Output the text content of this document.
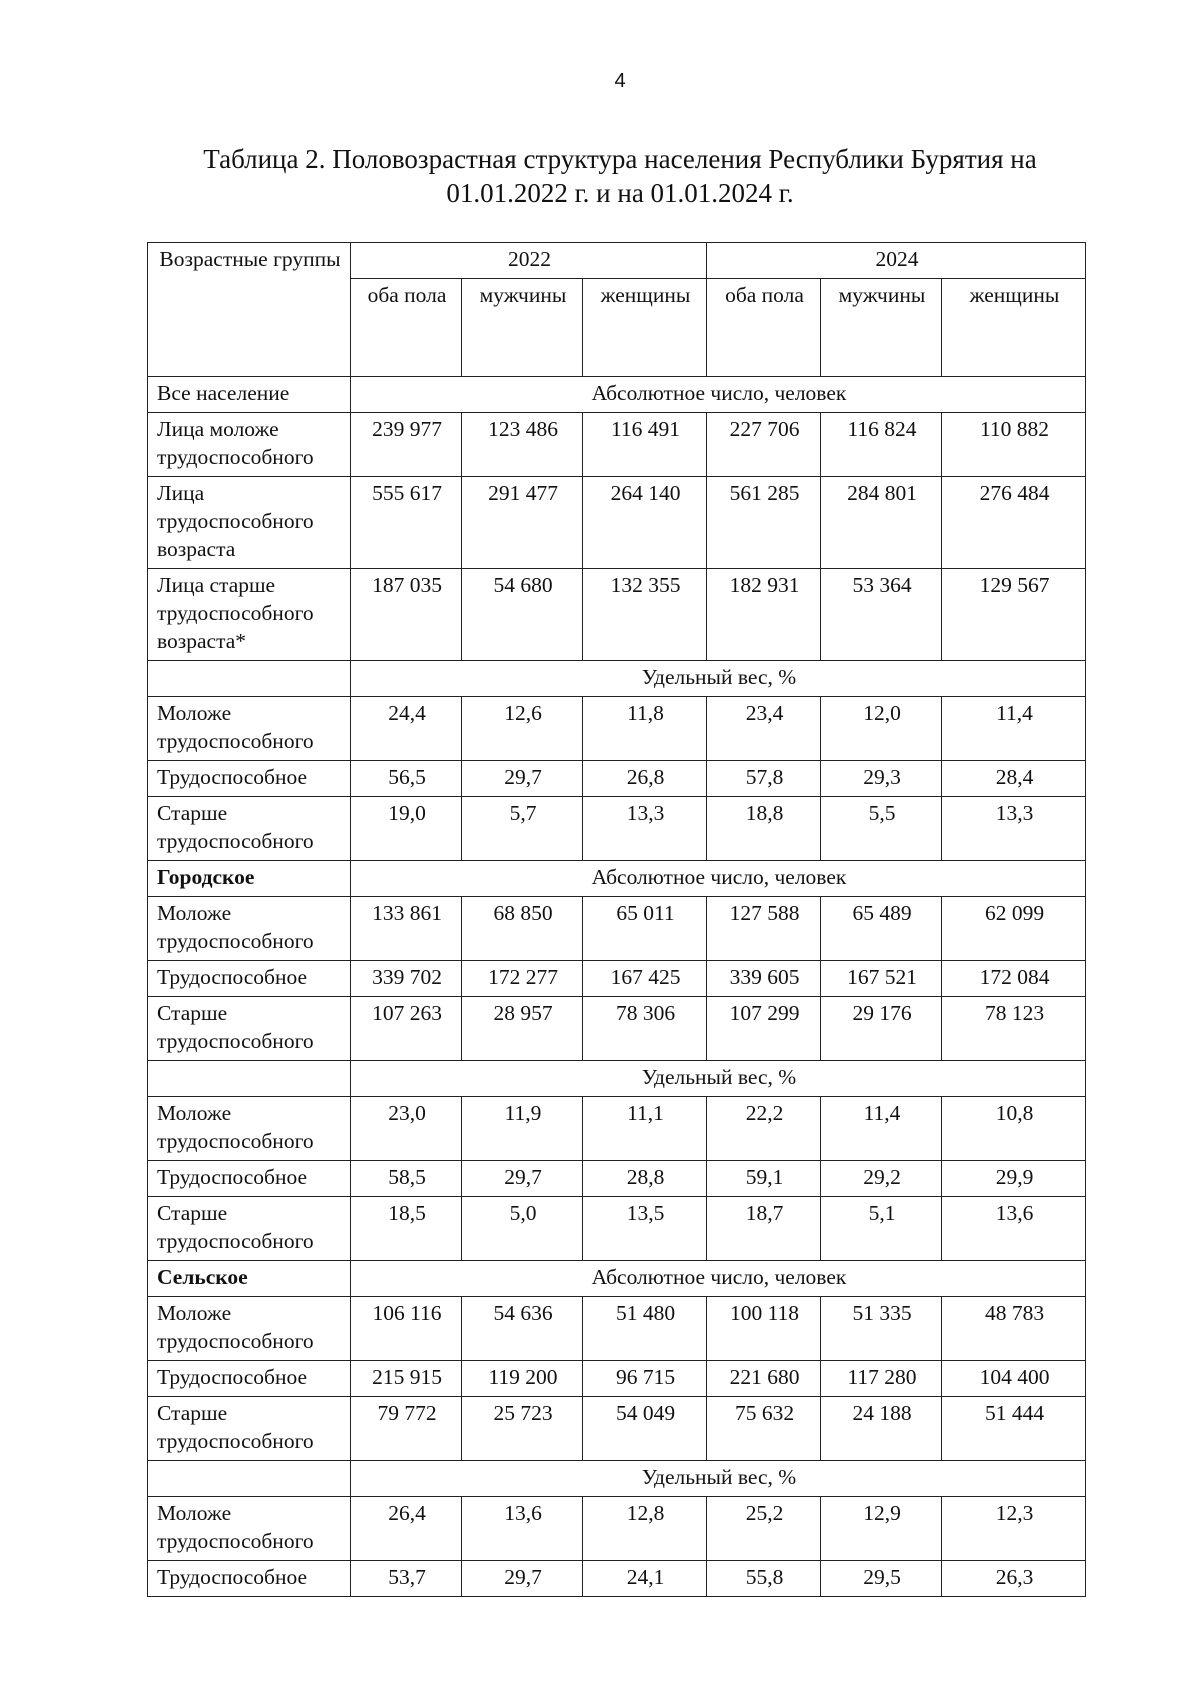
4
Таблица 2. Половозрастная структура населения Республики Бурятия на 01.01.2022 г. и на 01.01.2024 г.
Возрастные группы	2022			2024		
	оба пола	мужчины	женщины	оба пола	мужчины	женщины
Все население	Абсолютное число, человек					
Лица моложе трудоспособного	239 977	123 486	116 491	227 706	116 824	110 882
Лица трудоспособного возраста	555 617	291 477	264 140	561 285	284 801	276 484
Лица старше трудоспособного возраста*	187 035	54 680	132 355	182 931	53 364	129 567
	Удельный вес, %					
Моложе трудоспособного	24,4	12,6	11,8	23,4	12,0	11,4
Трудоспособное	56,5	29,7	26,8	57,8	29,3	28,4
Старше трудоспособного	19,0	5,7	13,3	18,8	5,5	13,3
Городское	Абсолютное число, человек					
Моложе трудоспособного	133 861	68 850	65 011	127 588	65 489	62 099
Трудоспособное	339 702	172 277	167 425	339 605	167 521	172 084
Старше трудоспособного	107 263	28 957	78 306	107 299	29 176	78 123
	Удельный вес, %					
Моложе трудоспособного	23,0	11,9	11,1	22,2	11,4	10,8
Трудоспособное	58,5	29,7	28,8	59,1	29,2	29,9
Старше трудоспособного	18,5	5,0	13,5	18,7	5,1	13,6
Сельское	Абсолютное число, человек					
Моложе трудоспособного	106 116	54 636	51 480	100 118	51 335	48 783
Трудоспособное	215 915	119 200	96 715	221 680	117 280	104 400
Старше трудоспособного	79 772	25 723	54 049	75 632	24 188	51 444
	Удельный вес, %					
Моложе трудоспособного	26,4	13,6	12,8	25,2	12,9	12,3
Трудоспособное	53,7	29,7	24,1	55,8	29,5	26,3
